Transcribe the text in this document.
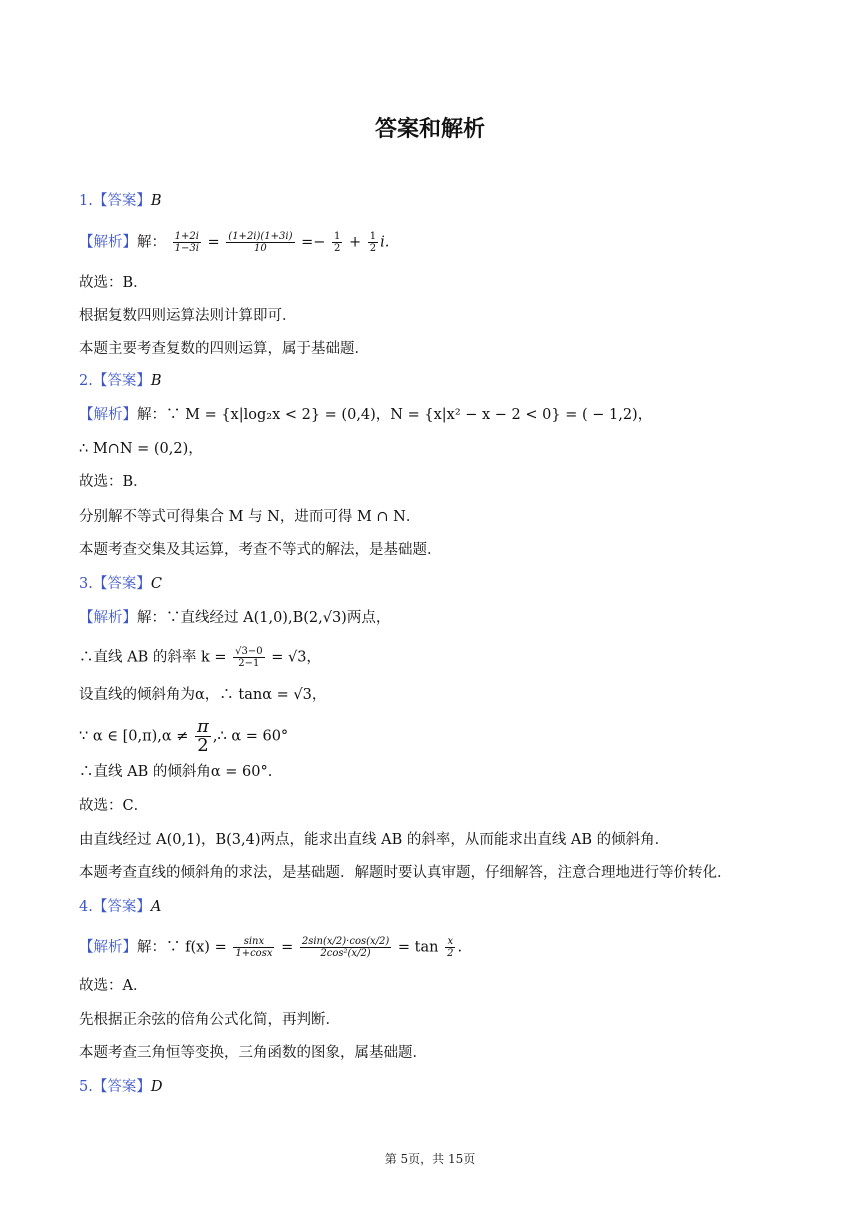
答案和解析
1.【答案】B
【解析】解： $\frac{1+2i}{1-3i} = \frac{(1+2i)(1+3i)}{10} =- \frac{1}{2} + \frac{1}{2} i$.
故选：B．
根据复数四则运算法则计算即可．
本题主要考查复数的四则运算，属于基础题．
2.【答案】B
【解析】解：∵ M = {x|log₂x < 2} = (0,4)，N = {x|x² − x − 2 < 0} = ( − 1,2)，
∴ M∩N = (0,2)，
故选：B．
分别解不等式可得集合 M 与 N，进而可得 M ∩ N．
本题考查交集及其运算，考查不等式的解法，是基础题．
3.【答案】C
【解析】解：∵直线经过 A(1,0),B(2,√3)两点，
∴直线 AB 的斜率 $k = \frac{√3-0}{2-1} = √3$，
设直线的倾斜角为α，∴ tanα = √3，
∵ α ∈ $[0,\pi),\alpha \ne \frac{\pi}{2}$ ,∴ α = 60°
∴直线 AB 的倾斜角α = 60°.
故选：C．
由直线经过 A(0,1)，B(3,4)两点，能求出直线 AB 的斜率，从而能求出直线 AB 的倾斜角．
本题考查直线的倾斜角的求法，是基础题．解题时要认真审题，仔细解答，注意合理地进行等价转化．
4.【答案】A
【解析】解：∵ $f(x) = \frac{\sin x}{1+\cos x} = \frac{2\sin(x/2)\cdot\cos(x/2)}{\text{2cos²(x/2)}} = \tan \frac{x}{2}$ .
故选：A．
先根据正余弦的倍角公式化简，再判断．
本题考查三角恒等变换，三角函数的图象，属基础题．
5.【答案】D
第 5页，共 15页
